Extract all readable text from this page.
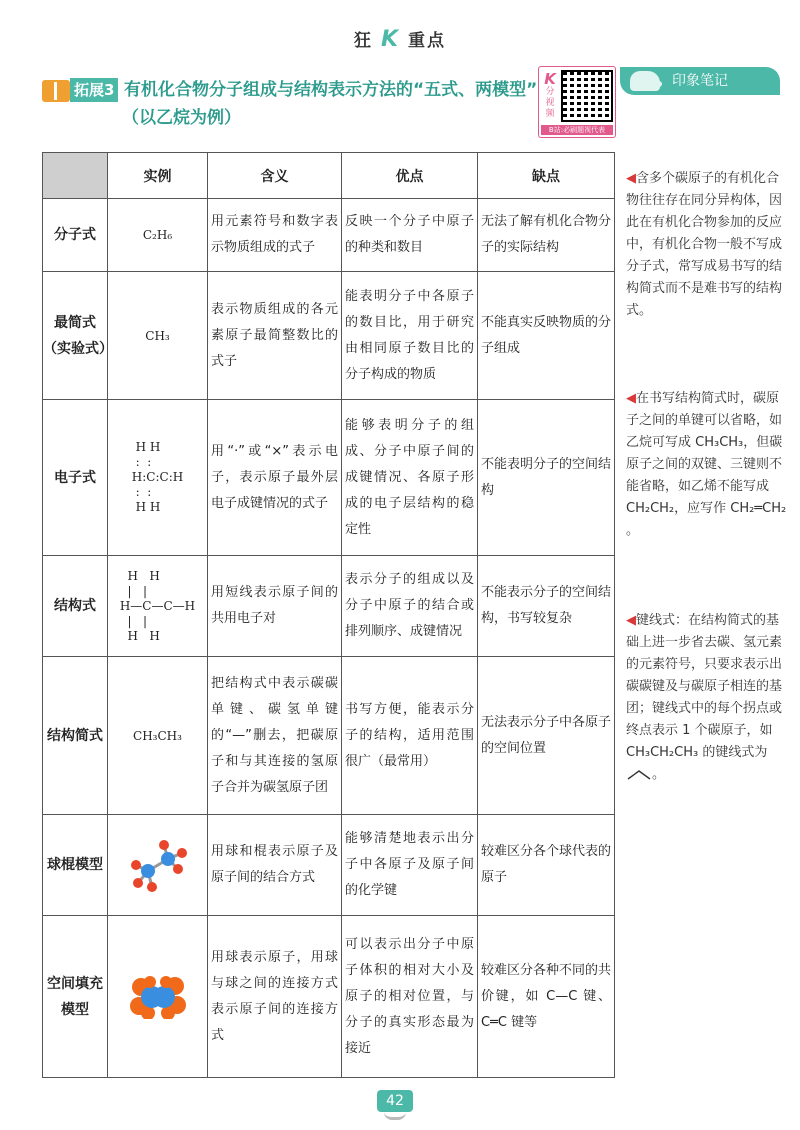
狂 K 重点
拓展3 有机化合物分子组成与结构表示方法的“五式、两模型”
（以乙烷为例）
K
分视频
B站:必刷题视代表
印象笔记
	实例	含义	优点	缺点
分子式	C₂H₆	用元素符号和数字表示物质组成的式子	反映一个分子中原子的种类和数目	无法了解有机化合物分子的实际结构
最简式
（实验式）	CH₃	表示物质组成的各元素原子最简整数比的式子	能表明分子中各原子的数目比，用于研究由相同原子数目比的分子构成的物质	不能真实反映物质的分子组成
电子式	H H
:  :
H:C:C:H
:  :
H H	用“·”或“×”表示电子，表示原子最外层电子成键情况的式子	能够表明分子的组成、分子中原子间的成键情况、各原子形成的电子层结构的稳定性	不能表明分子的空间结构
结构式	H   H
|   |
H—C—C—H
|   |
H   H	用短线表示原子间的共用电子对	表示分子的组成以及分子中原子的结合或排列顺序、成键情况	不能表示分子的空间结构，书写较复杂
结构简式	CH₃CH₃	把结构式中表示碳碳单键、碳氢单键的“—”删去，把碳原子和与其连接的氢原子合并为碳氢原子团	书写方便，能表示分子的结构，适用范围很广（最常用）	无法表示分子中各原子的空间位置
球棍模型		用球和棍表示原子及原子间的结合方式	能够清楚地表示出分子中各原子及原子间的化学键	较难区分各个球代表的原子
空间填充
模型		用球表示原子，用球与球之间的连接方式表示原子间的连接方式	可以表示出分子中原子体积的相对大小及原子的相对位置，与分子的真实形态最为接近	较难区分各种不同的共价键，如 C—C 键、C═C 键等
◀含多个碳原子的有机化合物往往存在同分异构体，因此在有机化合物参加的反应中，有机化合物一般不写成分子式，常写成易书写的结构简式而不是难书写的结构式。
◀在书写结构简式时，碳原子之间的单键可以省略，如乙烷可写成 CH₃CH₃，但碳原子之间的双键、三键则不能省略，如乙烯不能写成 CH₂CH₂，应写作 CH₂═CH₂ 。
◀键线式：在结构简式的基础上进一步省去碳、氢元素的元素符号，只要求表示出碳碳键及与碳原子相连的基团；键线式中的每个拐点或终点表示 1 个碳原子，如 CH₃CH₂CH₃ 的键线式为 。
42
